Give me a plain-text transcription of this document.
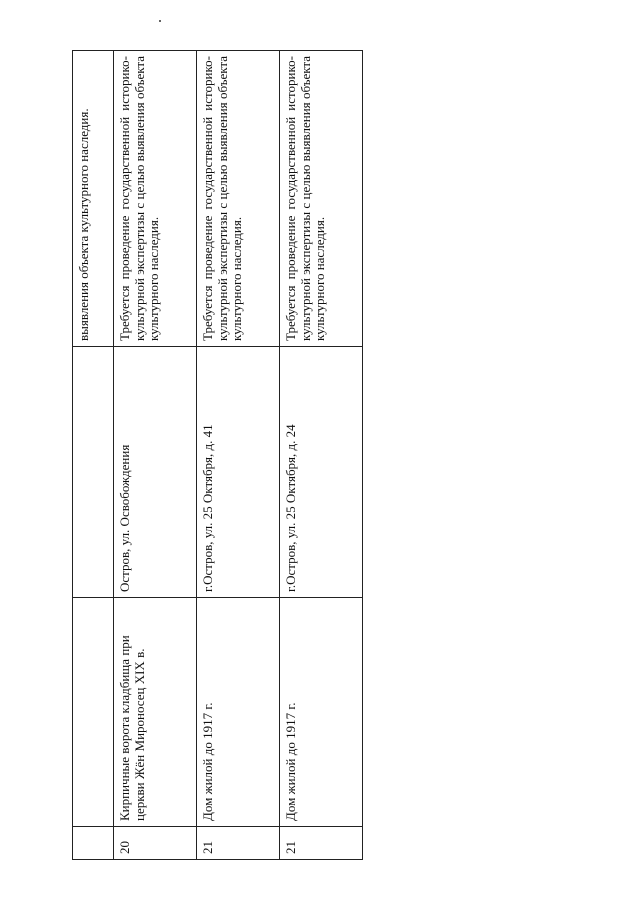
			выявления объекта культурного наследия.
20	Кирпичные ворота кладбища при церкви Жён Мироносец XIX в.	Остров, ул. Освобождения	Требуется проведение государственной историко-культурной экспертизы с целью выявления объекта культурного наследия.
21	Дом жилой до 1917 г.	г.Остров, ул. 25 Октября, д. 41	Требуется проведение государственной историко-культурной экспертизы с целью выявления объекта культурного наследия.
21	Дом жилой до 1917 г.	г.Остров, ул. 25 Октября, д. 24	Требуется проведение государственной историко-культурной экспертизы с целью выявления объекта культурного наследия.
